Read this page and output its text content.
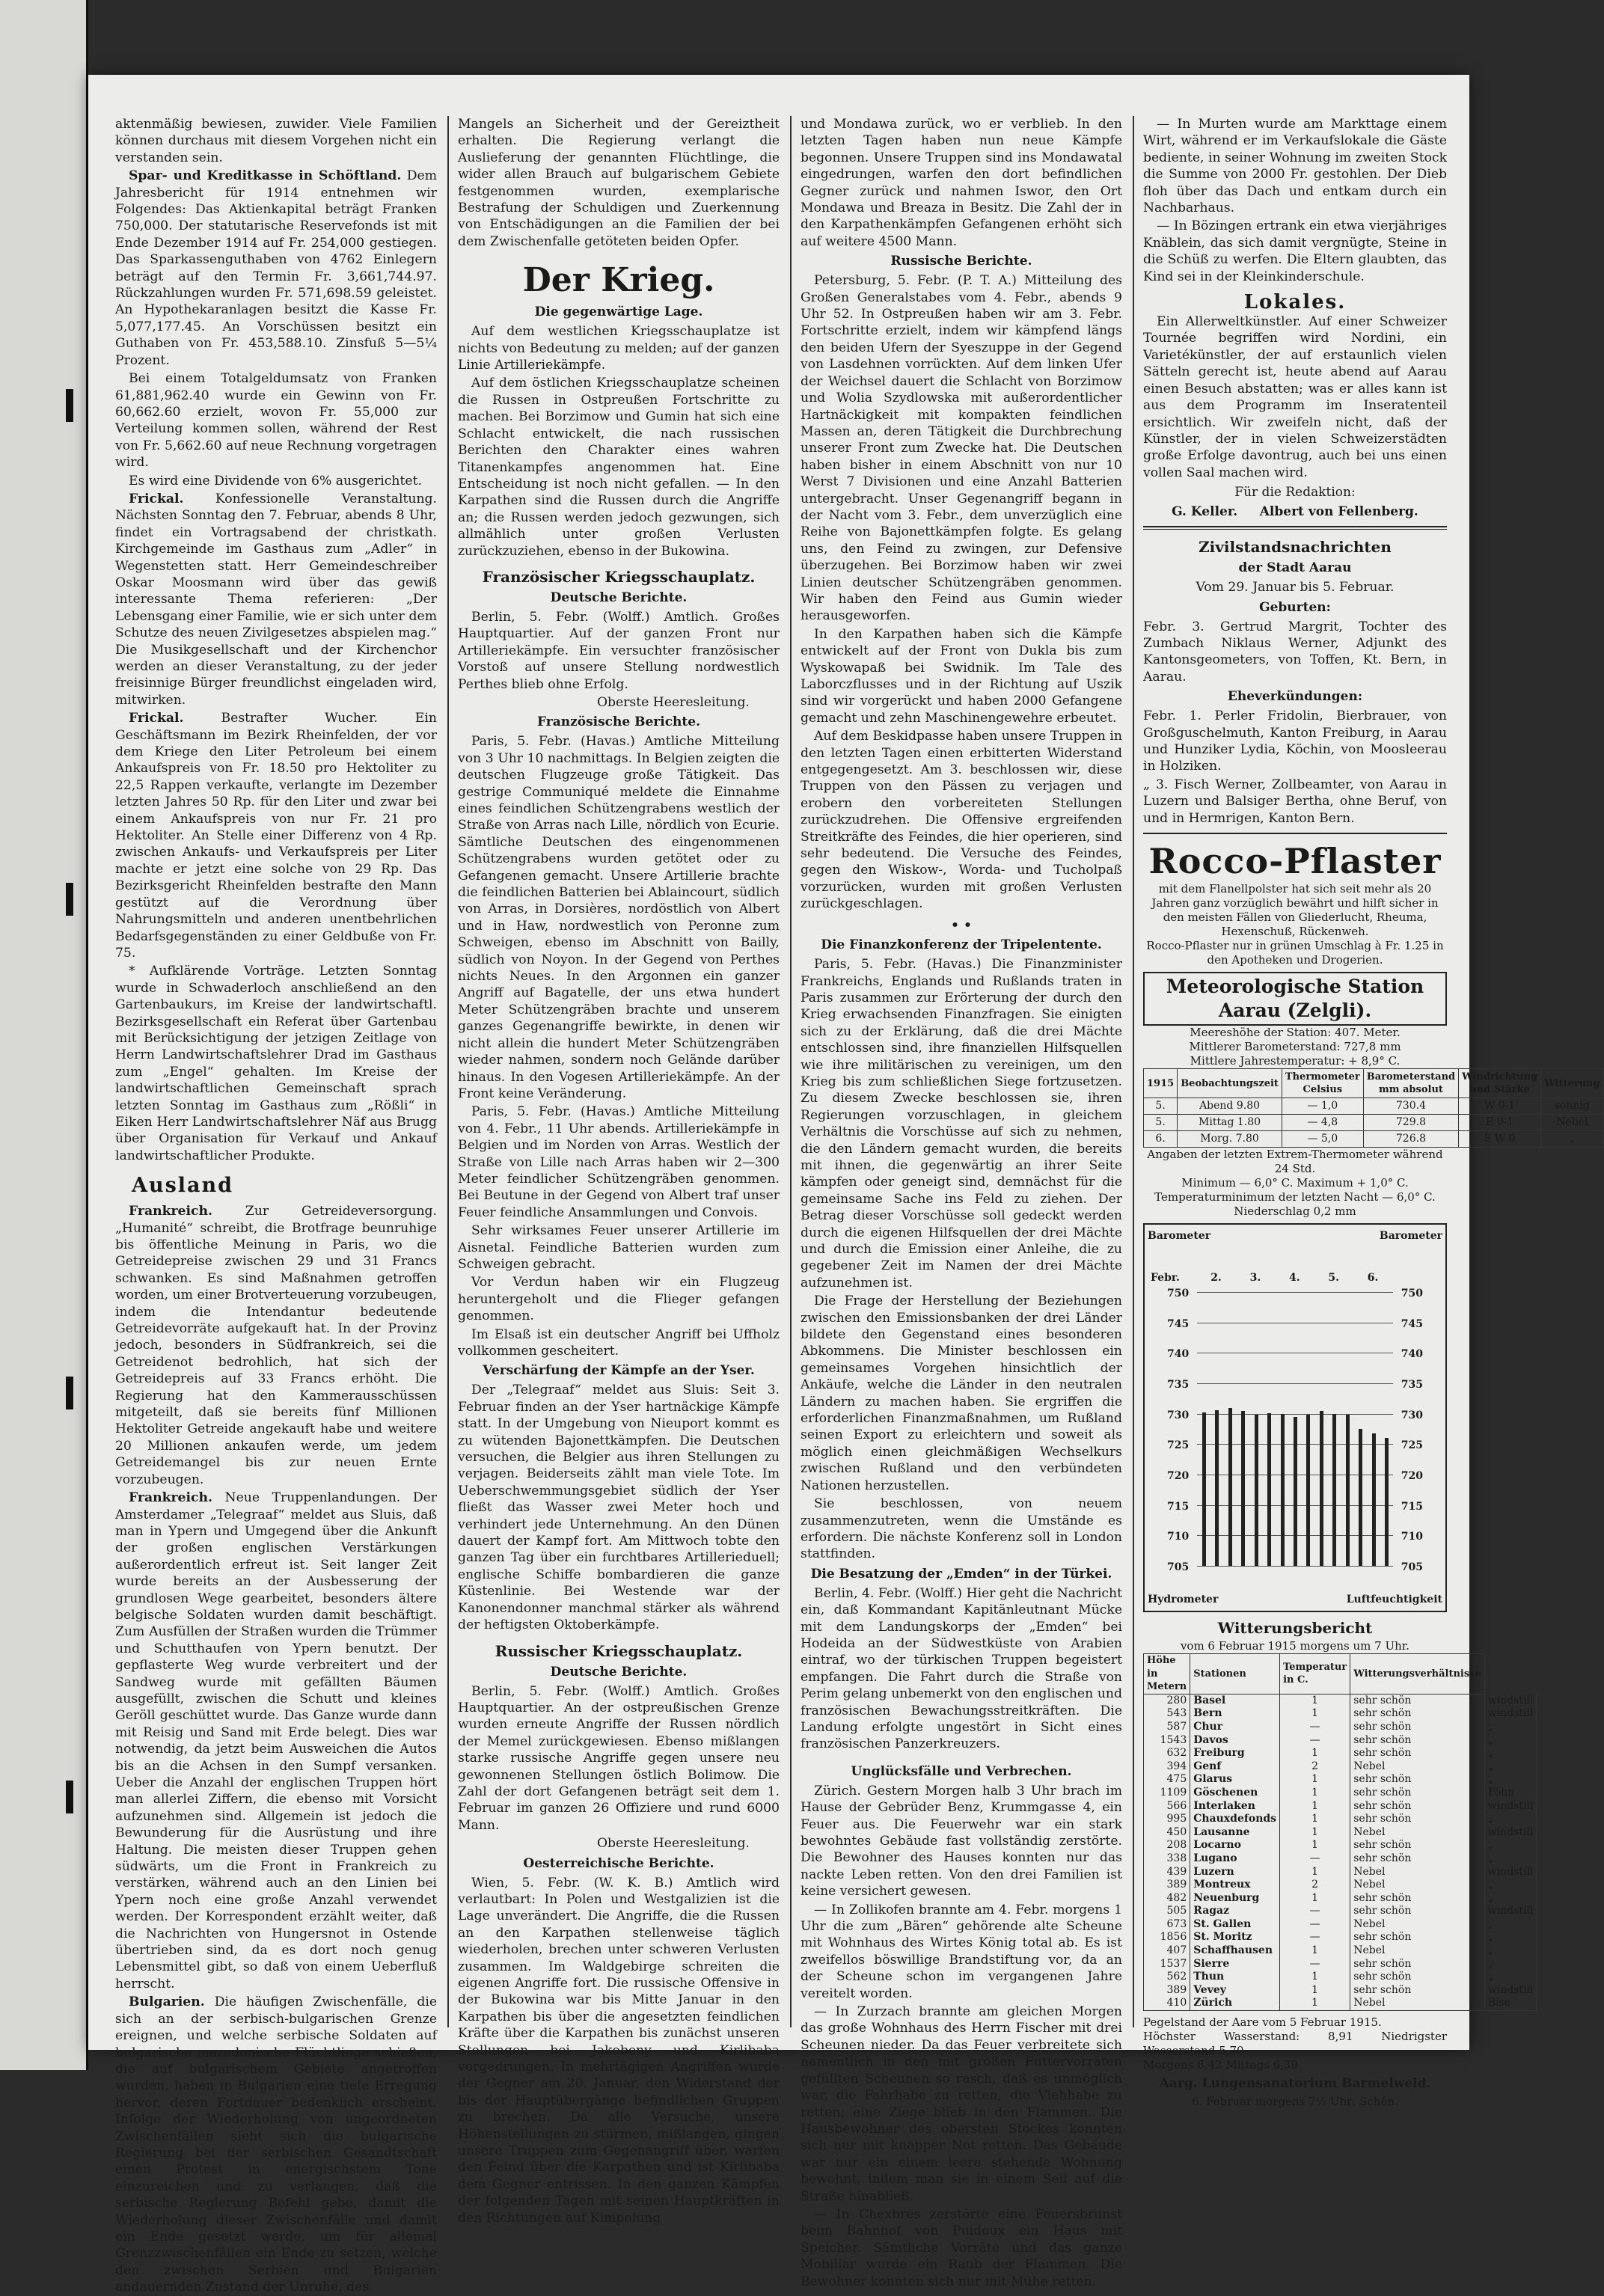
aktenmäßig bewiesen, zuwider. Viele Familien können durchaus mit diesem Vorgehen nicht ein verstanden sein.

Spar- und Kreditkasse in Schöftland. Dem Jahresbericht für 1914 entnehmen wir Folgendes: Das Aktienkapital beträgt Franken 750,000. Der statutarische Reservefonds ist mit Ende Dezember 1914 auf Fr. 254,000 gestiegen. Das Sparkassenguthaben von 4762 Einlegern beträgt auf den Termin Fr. 3,661,744.97. Rückzahlungen wurden Fr. 571,698.59 geleistet. An Hypothekaranlagen besitzt die Kasse Fr. 5,077,177.45. An Vorschüssen besitzt ein Guthaben von Fr. 453,588.10. Zinsfuß 5—5¼ Prozent.

Bei einem Totalgeldumsatz von Franken 61,881,962.40 wurde ein Gewinn von Fr. 60,662.60 erzielt, wovon Fr. 55,000 zur Verteilung kommen sollen, während der Rest von Fr. 5,662.60 auf neue Rechnung vorgetragen wird.

Es wird eine Dividende von 6% ausgerichtet.

Frickal. Konfessionelle Veranstaltung. Nächsten Sonntag den 7. Februar, abends 8 Uhr, findet ein Vortragsabend der christkath. Kirchgemeinde im Gasthaus zum „Adler“ in Wegenstetten statt. Herr Gemeindeschreiber Oskar Moosmann wird über das gewiß interessante Thema referieren: „Der Lebensgang einer Familie, wie er sich unter dem Schutze des neuen Zivilgesetzes abspielen mag.“ Die Musikgesellschaft und der Kirchenchor werden an dieser Veranstaltung, zu der jeder freisinnige Bürger freundlichst eingeladen wird, mitwirken.

Frickal. Bestrafter Wucher. Ein Geschäftsmann im Bezirk Rheinfelden, der vor dem Kriege den Liter Petroleum bei einem Ankaufspreis von Fr. 18.50 pro Hektoliter zu 22,5 Rappen verkaufte, verlangte im Dezember letzten Jahres 50 Rp. für den Liter und zwar bei einem Ankaufspreis von nur Fr. 21 pro Hektoliter. An Stelle einer Differenz von 4 Rp. zwischen Ankaufs- und Verkaufspreis per Liter machte er jetzt eine solche von 29 Rp. Das Bezirksgericht Rheinfelden bestrafte den Mann gestützt auf die Verordnung über Nahrungsmitteln und anderen unentbehrlichen Bedarfsgegenständen zu einer Geldbuße von Fr. 75.

* Aufklärende Vorträge. Letzten Sonntag wurde in Schwaderloch anschließend an den Gartenbaukurs, im Kreise der landwirtschaftl. Bezirksgesellschaft ein Referat über Gartenbau mit Berücksichtigung der jetzigen Zeitlage von Herrn Landwirtschaftslehrer Drad im Gasthaus zum „Engel“ gehalten. Im Kreise der landwirtschaftlichen Gemeinschaft sprach letzten Sonntag im Gasthaus zum „Rößli“ in Eiken Herr Landwirtschaftslehrer Näf aus Brugg über Organisation für Verkauf und Ankauf landwirtschaftlicher Produkte.

Ausland

Frankreich. Zur Getreideversorgung. „Humanité“ schreibt, die Brotfrage beunruhige bis öffentliche Meinung in Paris, wo die Getreidepreise zwischen 29 und 31 Francs schwanken. Es sind Maßnahmen getroffen worden, um einer Brotverteuerung vorzubeugen, indem die Intendantur bedeutende Getreidevorräte aufgekauft hat. In der Provinz jedoch, besonders in Südfrankreich, sei die Getreidenot bedrohlich, hat sich der Getreidepreis auf 33 Francs erhöht. Die Regierung hat den Kammerausschüssen mitgeteilt, daß sie bereits fünf Millionen Hektoliter Getreide angekauft habe und weitere 20 Millionen ankaufen werde, um jedem Getreidemangel bis zur neuen Ernte vorzubeugen.

Frankreich. Neue Truppenlandungen. Der Amsterdamer „Telegraaf“ meldet aus Sluis, daß man in Ypern und Umgegend über die Ankunft der großen englischen Verstärkungen außerordentlich erfreut ist. Seit langer Zeit wurde bereits an der Ausbesserung der grundlosen Wege gearbeitet, besonders ältere belgische Soldaten wurden damit beschäftigt. Zum Ausfüllen der Straßen wurden die Trümmer und Schutthaufen von Ypern benutzt. Der gepflasterte Weg wurde verbreitert und der Sandweg wurde mit gefällten Bäumen ausgefüllt, zwischen die Schutt und kleines Geröll geschüttet wurde. Das Ganze wurde dann mit Reisig und Sand mit Erde belegt. Dies war notwendig, da jetzt beim Ausweichen die Autos bis an die Achsen in den Sumpf versanken. Ueber die Anzahl der englischen Truppen hört man allerlei Ziffern, die ebenso mit Vorsicht aufzunehmen sind. Allgemein ist jedoch die Bewunderung für die Ausrüstung und ihre Haltung. Die meisten dieser Truppen gehen südwärts, um die Front in Frankreich zu verstärken, während auch an den Linien bei Ypern noch eine große Anzahl verwendet werden. Der Korrespondent erzählt weiter, daß die Nachrichten von Hungersnot in Ostende übertrieben sind, da es dort noch genug Lebensmittel gibt, so daß von einem Ueberfluß herrscht.

Bulgarien. Die häufigen Zwischenfälle, die sich an der serbisch-bulgarischen Grenze ereignen, und welche serbische Soldaten auf bulgarische mazedonische Flüchtlinge schießen, die auf bulgarischem Gebiete angetroffen wurden, haben in Bulgarien eine tiefe Erregung hervor, deren Fortdauer bedenklich erscheint. Infolge der Wiederholung von ungeordneten Zwischenfällen sieht sich die bulgarische Regierung bei der serbischen Gesandtschaft einen Protest in energischstem Tone einzureichen und zu verlangen, daß die serbische Regierung Befehl gebe, damit die Wiederholung dieser Zwischenfälle und damit ein Ende gesetzt werde, um für allemal Grenzzwischenfällen ein Ende zu setzen, welche den zwischen Serbien und Bulgarien andauernden Zustand der Unruhe, des

Mangels an Sicherheit und der Gereiztheit erhalten. Die Regierung verlangt die Auslieferung der genannten Flüchtlinge, die wider allen Brauch auf bulgarischem Gebiete festgenommen wurden, exemplarische Bestrafung der Schuldigen und Zuerkennung von Entschädigungen an die Familien der bei dem Zwischenfalle getöteten beiden Opfer.

Der Krieg.
Die gegenwärtige Lage.

Auf dem westlichen Kriegsschauplatze ist nichts von Bedeutung zu melden; auf der ganzen Linie Artilleriekämpfe.

Auf dem östlichen Kriegsschauplatze scheinen die Russen in Ostpreußen Fortschritte zu machen. Bei Borzimow und Gumin hat sich eine Schlacht entwickelt, die nach russischen Berichten den Charakter eines wahren Titanenkampfes angenommen hat. Eine Entscheidung ist noch nicht gefallen. — In den Karpathen sind die Russen durch die Angriffe an; die Russen werden jedoch gezwungen, sich allmählich unter großen Verlusten zurückzuziehen, ebenso in der Bukowina.

Französischer Kriegsschauplatz.
Deutsche Berichte.

Berlin, 5. Febr. (Wolff.) Amtlich. Großes Hauptquartier. Auf der ganzen Front nur Artilleriekämpfe. Ein versuchter französischer Vorstoß auf unsere Stellung nordwestlich Perthes blieb ohne Erfolg.

Oberste Heeresleitung.

Französische Berichte.

Paris, 5. Febr. (Havas.) Amtliche Mitteilung von 3 Uhr 10 nachmittags. In Belgien zeigten die deutschen Flugzeuge große Tätigkeit. Das gestrige Communiqué meldete die Einnahme eines feindlichen Schützengrabens westlich der Straße von Arras nach Lille, nördlich von Ecurie. Sämtliche Deutschen des eingenommenen Schützengrabens wurden getötet oder zu Gefangenen gemacht. Unsere Artillerie brachte die feindlichen Batterien bei Ablaincourt, südlich von Arras, in Dorsières, nordöstlich von Albert und in Haw, nordwestlich von Peronne zum Schweigen, ebenso im Abschnitt von Bailly, südlich von Noyon. In der Gegend von Perthes nichts Neues. In den Argonnen ein ganzer Angriff auf Bagatelle, der uns etwa hundert Meter Schützengräben brachte und unserem ganzes Gegenangriffe bewirkte, in denen wir nicht allein die hundert Meter Schützengräben wieder nahmen, sondern noch Gelände darüber hinaus. In den Vogesen Artilleriekämpfe. An der Front keine Veränderung.

Paris, 5. Febr. (Havas.) Amtliche Mitteilung von 4. Febr., 11 Uhr abends. Artilleriekämpfe in Belgien und im Norden von Arras. Westlich der Straße von Lille nach Arras haben wir 2—300 Meter feindlicher Schützengräben genommen. Bei Beutune in der Gegend von Albert traf unser Feuer feindliche Ansammlungen und Convois.

Sehr wirksames Feuer unserer Artillerie im Aisnetal. Feindliche Batterien wurden zum Schweigen gebracht.

Vor Verdun haben wir ein Flugzeug heruntergeholt und die Flieger gefangen genommen.

Im Elsaß ist ein deutscher Angriff bei Uffholz vollkommen gescheitert.

Verschärfung der Kämpfe an der Yser.

Der „Telegraaf“ meldet aus Sluis: Seit 3. Februar finden an der Yser hartnäckige Kämpfe statt. In der Umgebung von Nieuport kommt es zu wütenden Bajonettkämpfen. Die Deutschen versuchen, die Belgier aus ihren Stellungen zu verjagen. Beiderseits zählt man viele Tote. Im Ueberschwemmungsgebiet südlich der Yser fließt das Wasser zwei Meter hoch und verhindert jede Unternehmung. An den Dünen dauert der Kampf fort. Am Mittwoch tobte den ganzen Tag über ein furchtbares Artillerieduell; englische Schiffe bombardieren die ganze Küstenlinie. Bei Westende war der Kanonendonner manchmal stärker als während der heftigsten Oktoberkämpfe.

Russischer Kriegsschauplatz.
Deutsche Berichte.

Berlin, 5. Febr. (Wolff.) Amtlich. Großes Hauptquartier. An der ostpreußischen Grenze wurden erneute Angriffe der Russen nördlich der Memel zurückgewiesen. Ebenso mißlangen starke russische Angriffe gegen unsere neu gewonnenen Stellungen östlich Bolimow. Die Zahl der dort Gefangenen beträgt seit dem 1. Februar im ganzen 26 Offiziere und rund 6000 Mann.

Oberste Heeresleitung.

Oesterreichische Berichte.

Wien, 5. Febr. (W. K. B.) Amtlich wird verlautbart: In Polen und Westgalizien ist die Lage unverändert. Die Angriffe, die die Russen an den Karpathen stellenweise täglich wiederholen, brechen unter schweren Verlusten zusammen. Im Waldgebirge schreiten die eigenen Angriffe fort. Die russische Offensive in der Bukowina war bis Mitte Januar in den Karpathen bis über die angesetzten feindlichen Kräfte über die Karpathen bis zunächst unseren Stellungen bei Jakobeny und Kirlibaba vorgedrungen. In mehrtägigen Angriffen wurde der Gegner am 20. Januar, den Widerstand der bis der Hauptübergänge befindlichen Gruppen zu brechen. Da alle Versuche, unsere Höhenstellungen zu stürmen, mißlangen, gingen unsere Truppen zum Gegenangriff über, warfen den Feind über die Karpathen und ist Kirlibaba dem Gegner entrissen. In den ganzen Kämpfen der folgenden Tagen mit seinen Hauptkräften in den Richtungen auf Kimpolung

und Mondawa zurück, wo er verblieb. In den letzten Tagen haben nun neue Kämpfe begonnen. Unsere Truppen sind ins Mondawatal eingedrungen, warfen den dort befindlichen Gegner zurück und nahmen Iswor, den Ort Mondawa und Breaza in Besitz. Die Zahl der in den Karpathenkämpfen Gefangenen erhöht sich auf weitere 4500 Mann.

Russische Berichte.

Petersburg, 5. Febr. (P. T. A.) Mitteilung des Großen Generalstabes vom 4. Febr., abends 9 Uhr 52. In Ostpreußen haben wir am 3. Febr. Fortschritte erzielt, indem wir kämpfend längs den beiden Ufern der Syeszuppe in der Gegend von Lasdehnen vorrückten. Auf dem linken Ufer der Weichsel dauert die Schlacht von Borzimow und Wolia Szydlowska mit außerordentlicher Hartnäckigkeit mit kompakten feindlichen Massen an, deren Tätigkeit die Durchbrechung unserer Front zum Zwecke hat. Die Deutschen haben bisher in einem Abschnitt von nur 10 Werst 7 Divisionen und eine Anzahl Batterien untergebracht. Unser Gegenangriff begann in der Nacht vom 3. Febr., dem unverzüglich eine Reihe von Bajonettkämpfen folgte. Es gelang uns, den Feind zu zwingen, zur Defensive überzugehen. Bei Borzimow haben wir zwei Linien deutscher Schützengräben genommen. Wir haben den Feind aus Gumin wieder herausgeworfen.

In den Karpathen haben sich die Kämpfe entwickelt auf der Front von Dukla bis zum Wyskowapaß bei Swidnik. Im Tale des Laborczflusses und in der Richtung auf Uszik sind wir vorgerückt und haben 2000 Gefangene gemacht und zehn Maschinengewehre erbeutet.

Auf dem Beskidpasse haben unsere Truppen in den letzten Tagen einen erbitterten Widerstand entgegengesetzt. Am 3. beschlossen wir, diese Truppen von den Pässen zu verjagen und erobern den vorbereiteten Stellungen zurückzudrehen. Die Offensive ergreifenden Streitkräfte des Feindes, die hier operieren, sind sehr bedeutend. Die Versuche des Feindes, gegen den Wiskow-, Worda- und Tucholpaß vorzurücken, wurden mit großen Verlusten zurückgeschlagen.

• •

Die Finanzkonferenz der Tripelentente.

Paris, 5. Febr. (Havas.) Die Finanzminister Frankreichs, Englands und Rußlands traten in Paris zusammen zur Erörterung der durch den Krieg erwachsenden Finanzfragen. Sie einigten sich zu der Erklärung, daß die drei Mächte entschlossen sind, ihre finanziellen Hilfsquellen wie ihre militärischen zu vereinigen, um den Krieg bis zum schließlichen Siege fortzusetzen. Zu diesem Zwecke beschlossen sie, ihren Regierungen vorzuschlagen, in gleichem Verhältnis die Vorschüsse auf sich zu nehmen, die den Ländern gemacht wurden, die bereits mit ihnen, die gegenwärtig an ihrer Seite kämpfen oder geneigt sind, demnächst für die gemeinsame Sache ins Feld zu ziehen. Der Betrag dieser Vorschüsse soll gedeckt werden durch die eigenen Hilfsquellen der drei Mächte und durch die Emission einer Anleihe, die zu gegebener Zeit im Namen der drei Mächte aufzunehmen ist.

Die Frage der Herstellung der Beziehungen zwischen den Emissionsbanken der drei Länder bildete den Gegenstand eines besonderen Abkommens. Die Minister beschlossen ein gemeinsames Vorgehen hinsichtlich der Ankäufe, welche die Länder in den neutralen Ländern zu machen haben. Sie ergriffen die erforderlichen Finanzmaßnahmen, um Rußland seinen Export zu erleichtern und soweit als möglich einen gleichmäßigen Wechselkurs zwischen Rußland und den verbündeten Nationen herzustellen.

Sie beschlossen, von neuem zusammenzutreten, wenn die Umstände es erfordern. Die nächste Konferenz soll in London stattfinden.

Die Besatzung der „Emden“ in der Türkei.

Berlin, 4. Febr. (Wolff.) Hier geht die Nachricht ein, daß Kommandant Kapitänleutnant Mücke mit dem Landungskorps der „Emden“ bei Hodeida an der Südwestküste von Arabien eintraf, wo der türkischen Truppen begeistert empfangen. Die Fahrt durch die Straße von Perim gelang unbemerkt von den englischen und französischen Bewachungsstreitkräften. Die Landung erfolgte ungestört in Sicht eines französischen Panzerkreuzers.

Unglücksfälle und Verbrechen.

Zürich. Gestern Morgen halb 3 Uhr brach im Hause der Gebrüder Benz, Krummgasse 4, ein Feuer aus. Die Feuerwehr war ein stark bewohntes Gebäude fast vollständig zerstörte. Die Bewohner des Hauses konnten nur das nackte Leben retten. Von den drei Familien ist keine versichert gewesen.

— In Zollikofen brannte am 4. Febr. morgens 1 Uhr die zum „Bären“ gehörende alte Scheune mit Wohnhaus des Wirtes König total ab. Es ist zweifellos böswillige Brandstiftung vor, da an der Scheune schon im vergangenen Jahre vereitelt worden.

— In Zurzach brannte am gleichen Morgen das große Wohnhaus des Herrn Fischer mit drei Scheunen nieder. Da das Feuer verbreitete sich namentlich in den mit großen Futtervorräten gefüllten Scheunen so rasch, daß es unmöglich war, die Fahrhabe zu retten, die Viehhabe zu retten; eine Ziege blieb in den Flammen. Die Hausbewohner des obersten Stockes konnten sich nur mit knapper Not retten. Das Gebäude war nur ein einem leere stehende Wohnung bewohnt, indem man sie in einem Seil auf die Straße hinabließ.

— In Chexbres zerstörte eine Feuersbrunst beim Bahnhof von Puidoux ein Haus mit Speicher. Sämtliche Vorräte und das ganze Mobiliar wurde ein Raub der Flammen. Die Bewohner konnten sich nur mit Mühe retten.

— In Murten wurde am Markttage einem Wirt, während er im Verkaufslokale die Gäste bediente, in seiner Wohnung im zweiten Stock die Summe von 2000 Fr. gestohlen. Der Dieb floh über das Dach und entkam durch ein Nachbarhaus.

— In Bözingen ertrank ein etwa vierjähriges Knäblein, das sich damit vergnügte, Steine in die Schüß zu werfen. Die Eltern glaubten, das Kind sei in der Kleinkinderschule.

Lokales.

Ein Allerweltkünstler. Auf einer Schweizer Tournée begriffen wird Nordini, ein Varietékünstler, der auf erstaunlich vielen Sätteln gerecht ist, heute abend auf Aarau einen Besuch abstatten; was er alles kann ist aus dem Programm im Inseratenteil ersichtlich. Wir zweifeln nicht, daß der Künstler, der in vielen Schweizerstädten große Erfolge davontrug, auch bei uns einen vollen Saal machen wird.

Für die Redaktion:
G. Keller.     Albert von Fellenberg.
Zivilstandsnachrichten
der Stadt Aarau

Vom 29. Januar bis 5. Februar.

Geburten:

Febr. 3. Gertrud Margrit, Tochter des Zumbach Niklaus Werner, Adjunkt des Kantonsgeometers, von Toffen, Kt. Bern, in Aarau.

Eheverkündungen:

Febr. 1. Perler Fridolin, Bierbrauer, von Großguschelmuth, Kanton Freiburg, in Aarau und Hunziker Lydia, Köchin, von Moosleerau in Holziken.

„ 3. Fisch Werner, Zollbeamter, von Aarau in Luzern und Balsiger Bertha, ohne Beruf, von und in Hermrigen, Kanton Bern.

Rocco-Pflaster
mit dem Flanellpolster hat sich seit mehr als 20 Jahren ganz vorzüglich bewährt und hilft sicher in den meisten Fällen von Gliederlucht, Rheuma, Hexenschuß, Rückenweh.
Rocco-Pflaster nur in grünen Umschlag à Fr. 1.25 in den Apotheken und Drogerien.
Meteorologische Station Aarau (Zelgli).
Meereshöhe der Station: 407. Meter.
Mittlerer Barometerstand: 727,8 mm
Mittlere Jahrestemperatur: + 8,9° C.
1915	Beobachtungszeit	Thermometer Celsius	Barometerstand mm absolut	Windrichtung und Stärke	Witterung
5.	Abend 9.80	— 1,0	730.4	W 0-1	sonnig
5.	Mittag 1.80	— 4,8	729.8	E 0-1	Nebel
6.	Morg. 7.80	— 5,0	726.8	S W 0	„
Angaben der letzten Extrem-Thermometer während 24 Std.
Minimum — 6,0° C. Maximum + 1,0° C.
Temperaturminimum der letzten Nacht — 6,0° C.
Niederschlag 0,2 mm
Barometer	Barometer
Febr.
Hydrometer	Luftfeuchtigkeit
750	750
745	745
740	740
735	735
730	730
725	725
720	720
715	715
710	710
705	705
2.	3.	4.	5.	6.
Witterungsbericht
vom 6 Februar 1915 morgens um 7 Uhr.
Höhe in Metern	Stationen	Temperatur in C.	Witterungsverhältnisse	
280	Basel	1	sehr schön	windstill
543	Bern	1	sehr schön	windstill
587	Chur	—	sehr schön	„
1543	Davos	—	sehr schön	„
632	Freiburg	1	sehr schön	„
394	Genf	2	Nebel	„
475	Glarus	1	sehr schön	„
1109	Göschenen	1	sehr schön	Föhn
566	Interlaken	1	sehr schön	windstill
995	Chauxdefonds	1	sehr schön	„
450	Lausanne	1	Nebel	windstill
208	Locarno	1	sehr schön	„
338	Lugano	—	sehr schön	„
439	Luzern	1	Nebel	windstill
389	Montreux	2	Nebel	„
482	Neuenburg	1	sehr schön	„
505	Ragaz	—	sehr schön	windstill
673	St. Gallen	—	Nebel	„
1856	St. Moritz	—	sehr schön	„
407	Schaffhausen	1	Nebel	„
1537	Sierre	—	sehr schön	„
562	Thun	1	sehr schön	„
389	Vevey	1	sehr schön	windstill
410	Zürich	1	Nebel	Bise
Pegelstand der Aare vom 5 Februar 1915.
Höchster Wasserstand: 8,91 Niedrigster Wasserstand 5,70
Morgens 6,42 Mittags 6,39
Aarg. Lungensanatorium Barmelweid.
6. Februar morgens 7½ Uhr: Schön.
